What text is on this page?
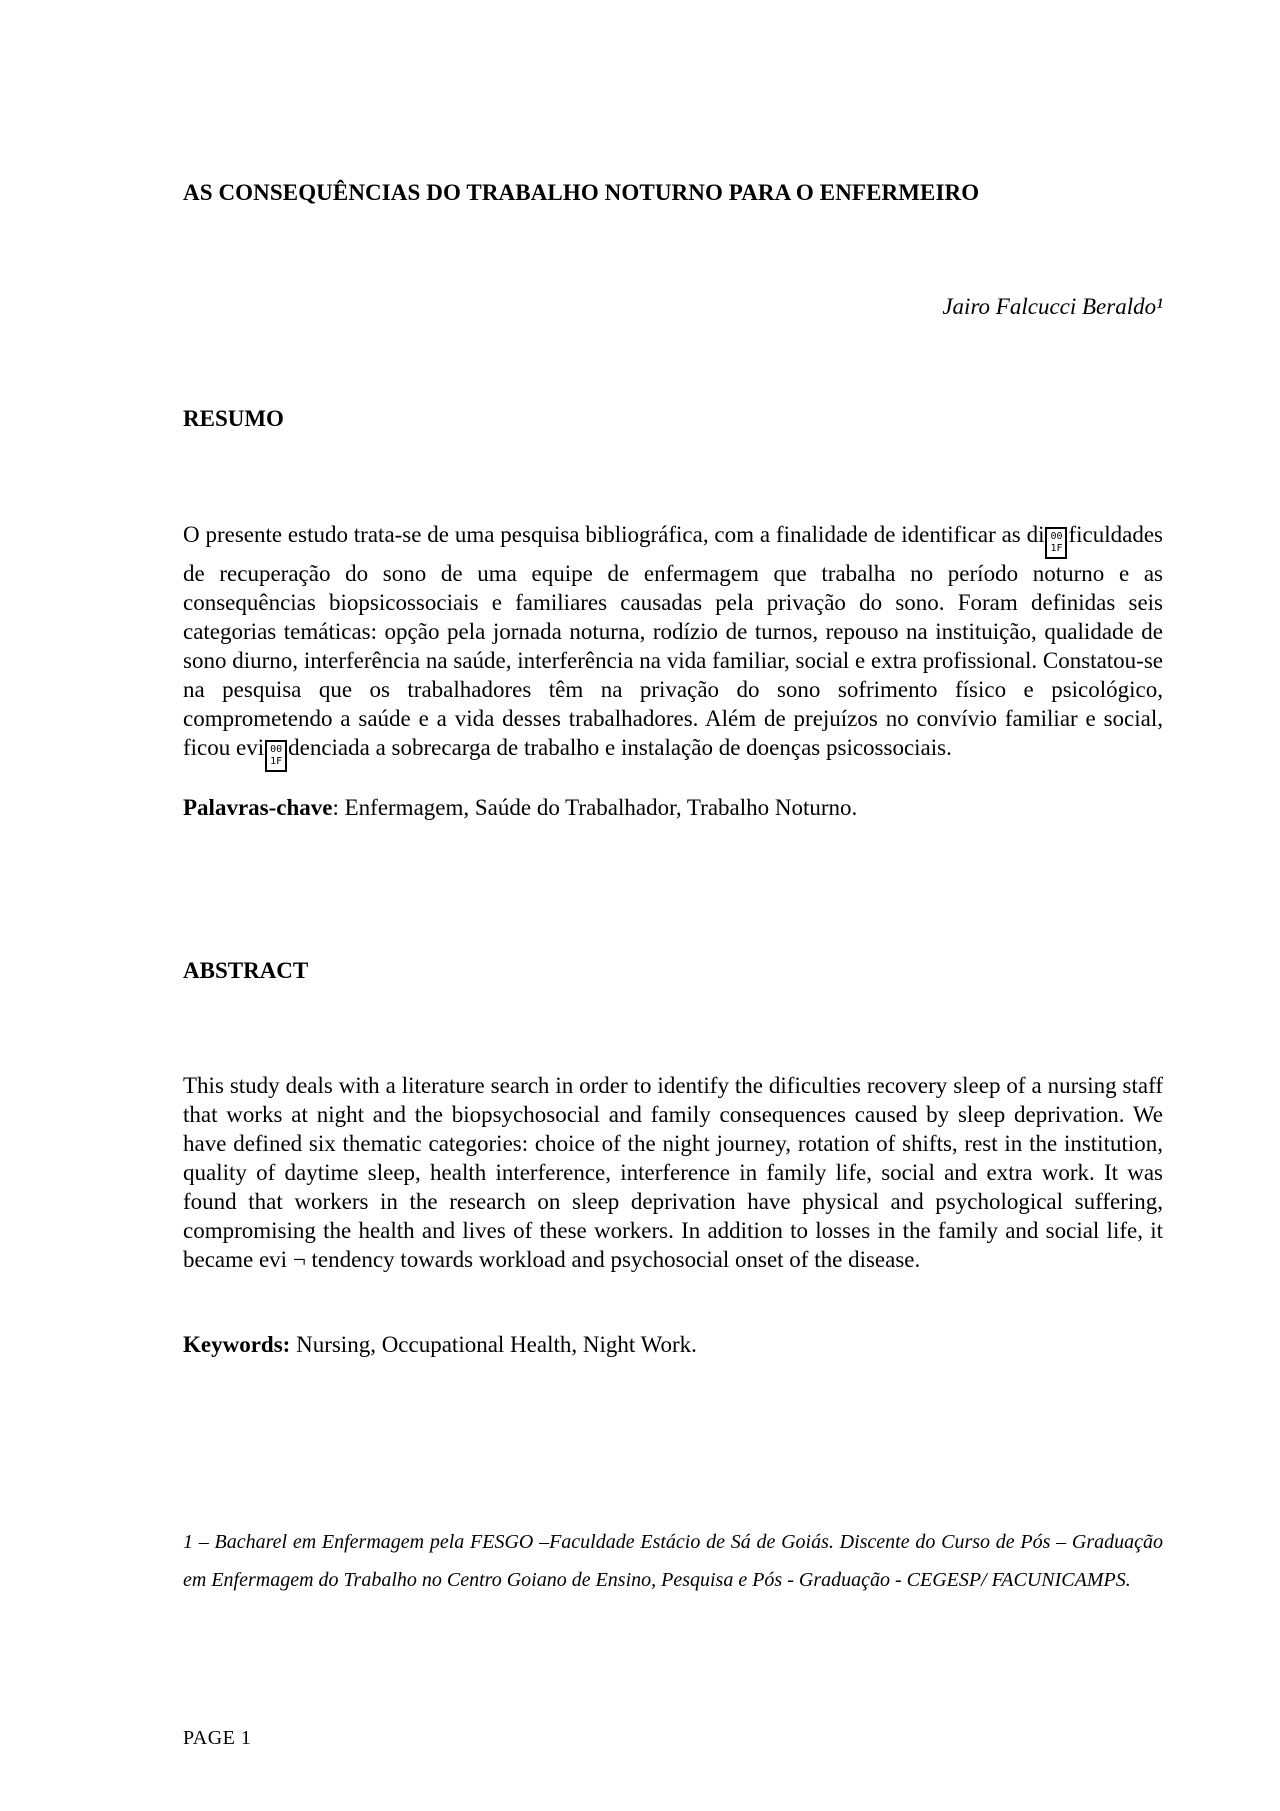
AS CONSEQUÊNCIAS DO TRABALHO NOTURNO PARA O ENFERMEIRO
Jairo Falcucci Beraldo¹
RESUMO

O presente estudo trata-se de uma pesquisa bibliográfica, com a finalidade de identificar as di 00 1Fficuldades de recuperação do sono de uma equipe de enfermagem que trabalha no período noturno e as consequências biopsicossociais e familiares causadas pela privação do sono. Foram definidas seis categorias temáticas: opção pela jornada noturna, rodízio de turnos, repouso na instituição, qualidade de sono diurno, interferência na saúde, interferência na vida familiar, social e extra profissional. Constatou-se na pesquisa que os trabalhadores têm na privação do sono sofrimento físico e psicológico, comprometendo a saúde e a vida desses trabalhadores. Além de prejuízos no convívio familiar e social, ficou evi 00 1Fdenciada a sobrecarga de trabalho e instalação de doenças psicossociais.

Palavras-chave: Enfermagem, Saúde do Trabalhador, Trabalho Noturno.

ABSTRACT

This study deals with a literature search in order to identify the dificulties recovery sleep of a nursing staff that works at night and the biopsychosocial and family consequences caused by sleep deprivation. We have defined six thematic categories: choice of the night journey, rotation of shifts, rest in the institution, quality of daytime sleep, health interference, interference in family life, social and extra work. It was found that workers in the research on sleep deprivation have physical and psychological suffering, compromising the health and lives of these workers. In addition to losses in the family and social life, it became evi ¬ tendency towards workload and psychosocial onset of the disease.

Keywords: Nursing, Occupational Health, Night Work.

1 – Bacharel em Enfermagem pela FESGO –Faculdade Estácio de Sá de Goiás. Discente do Curso de Pós – Graduação em Enfermagem do Trabalho no Centro Goiano de Ensino, Pesquisa e Pós - Graduação - CEGESP/ FACUNICAMPS.

PAGE 1
